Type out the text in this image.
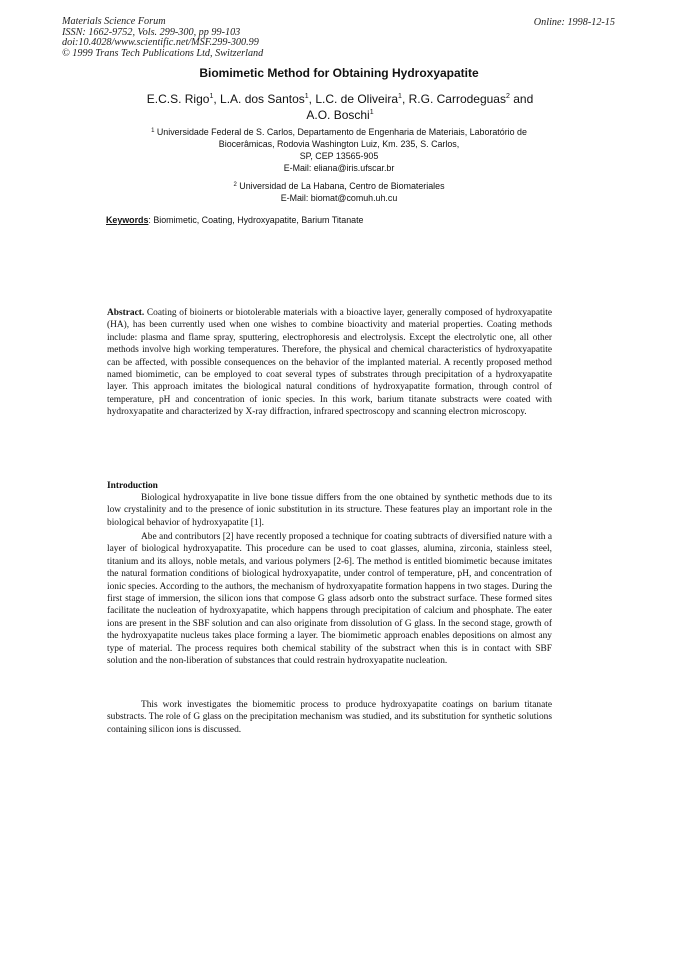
Materials Science Forum
ISSN: 1662-9752, Vols. 299-300, pp 99-103
doi:10.4028/www.scientific.net/MSF.299-300.99
© 1999 Trans Tech Publications Ltd, Switzerland
Online: 1998-12-15
Biomimetic Method for Obtaining Hydroxyapatite
E.C.S. Rigo$^1$, L.A. dos Santos$^1$, L.C. de Oliveira$^1$, R.G. Carrodeguas$^2$ and
A.O. Boschi$^1$
$^1$ Universidade Federal de S. Carlos, Departamento de Engenharia de Materiais, Laboratório de
Biocerâmicas, Rodovia Washington Luiz, Km. 235, S. Carlos,
SP, CEP 13565-905
E-Mail: eliana@iris.ufscar.br
$^2$ Universidad de La Habana, Centro de Biomateriales
E-Mail: biomat@comuh.uh.cu
Keywords: Biomimetic, Coating, Hydroxyapatite, Barium Titanate
Abstract. Coating of bioinerts or biotolerable materials with a bioactive layer, generally composed of hydroxyapatite (HA), has been currently used when one wishes to combine bioactivity and material properties. Coating methods include: plasma and flame spray, sputtering, electrophoresis and electrolysis. Except the electrolytic one, all other methods involve high working temperatures. Therefore, the physical and chemical characteristics of hydroxyapatite can be affected, with possible consequences on the behavior of the implanted material. A recently proposed method named biomimetic, can be employed to coat several types of substrates through precipitation of a hydroxyapatite layer. This approach imitates the biological natural conditions of hydroxyapatite formation, through control of temperature, pH and concentration of ionic species. In this work, barium titanate substracts were coated with hydroxyapatite and characterized by X-ray diffraction, infrared spectroscopy and scanning electron microscopy.
Introduction
Biological hydroxyapatite in live bone tissue differs from the one obtained by synthetic methods due to its low crystalinity and to the presence of ionic substitution in its structure. These features play an important role in the biological behavior of hydroxyapatite [1].
Abe and contributors [2] have recently proposed a technique for coating subtracts of diversified nature with a layer of biological hydroxyapatite. This procedure can be used to coat glasses, alumina, zirconia, stainless steel, titanium and its alloys, noble metals, and various polymers [2-6]. The method is entitled biomimetic because imitates the natural formation conditions of biological hydroxyapatite, under control of temperature, pH, and concentration of ionic species. According to the authors, the mechanism of hydroxyapatite formation happens in two stages. During the first stage of immersion, the silicon ions that compose G glass adsorb onto the substract surface. These formed sites facilitate the nucleation of hydroxyapatite, which happens through precipitation of calcium and phosphate. The eater ions are present in the SBF solution and can also originate from dissolution of G glass. In the second stage, growth of the hydroxyapatite nucleus takes place forming a layer. The biomimetic approach enables depositions on almost any type of material. The process requires both chemical stability of the substract when this is in contact with SBF solution and the non-liberation of substances that could restrain hydroxyapatite nucleation.
This work investigates the biomemitic process to produce hydroxyapatite coatings on barium titanate substracts. The role of G glass on the precipitation mechanism was studied, and its substitution for synthetic solutions containing silicon ions is discussed.
